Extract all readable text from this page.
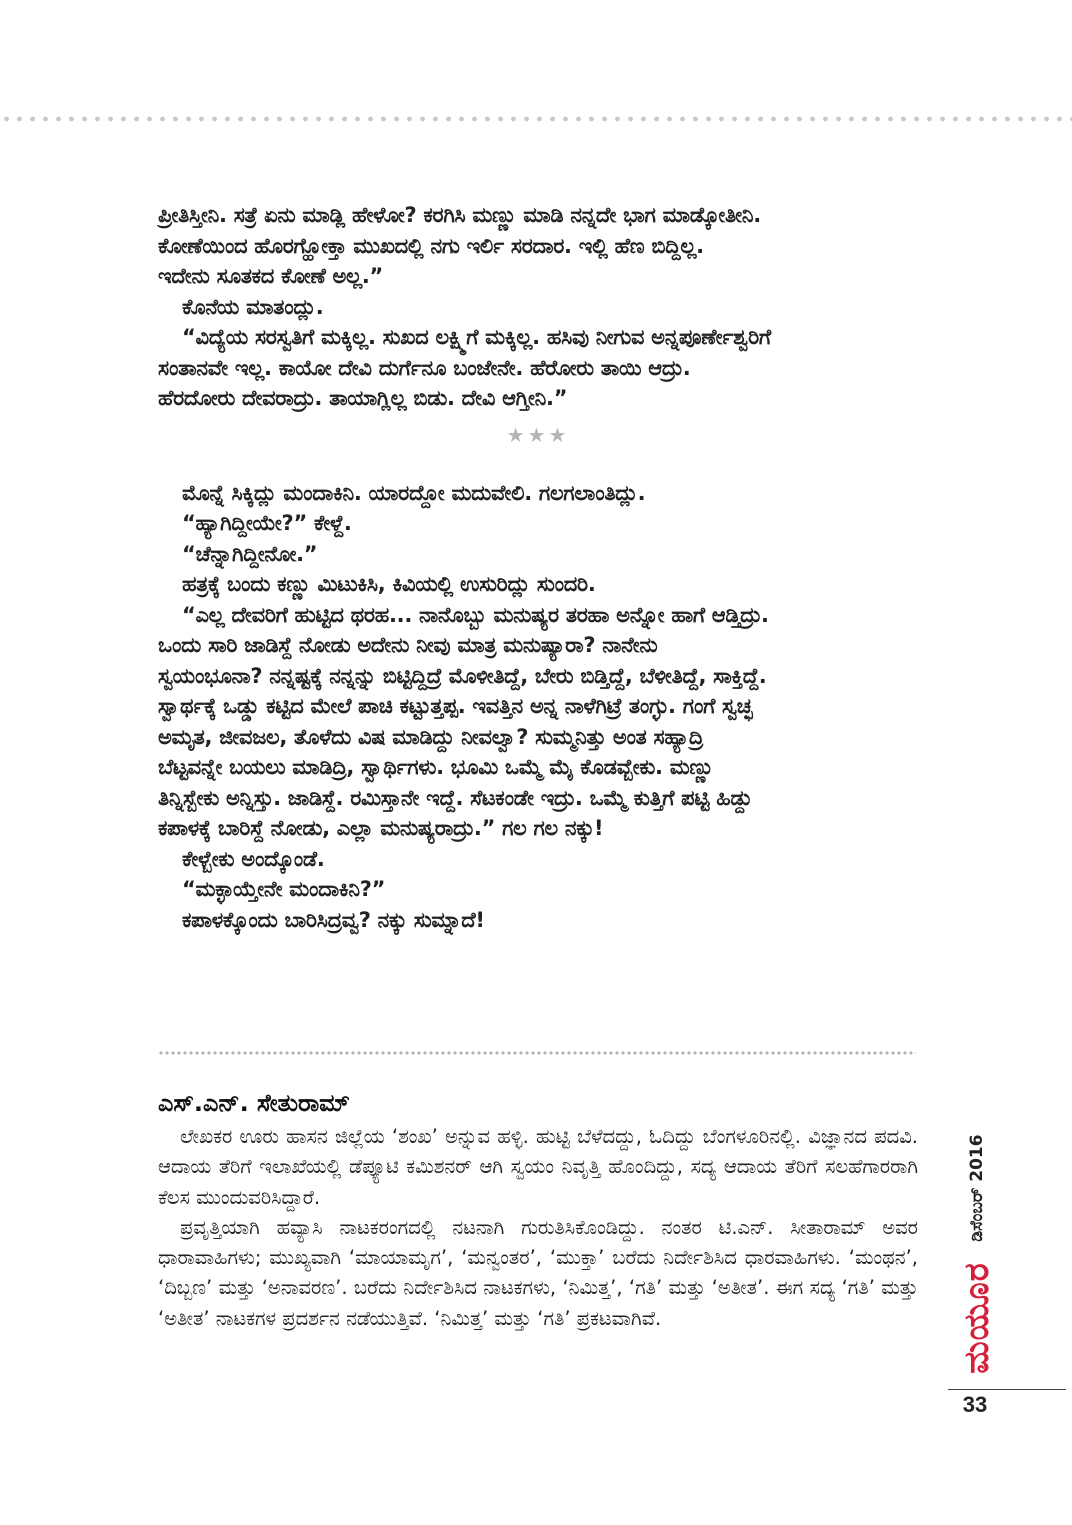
ಪ್ರೀತಿಸ್ತೀನಿ. ಸತ್ರೆ ಏನು ಮಾಡ್ಲಿ ಹೇಳೋ? ಕರಗಿಸಿ ಮಣ್ಣು ಮಾಡಿ ನನ್ನದೇ ಭಾಗ ಮಾಡ್ಕೋತೀನಿ.

ಕೋಣೆಯಿಂದ ಹೊರಗ್ಹೋಕ್ತಾ ಮುಖದಲ್ಲಿ ನಗು ಇರ್ಲಿ ಸರದಾರ. ಇಲ್ಲಿ ಹೆಣ ಬಿದ್ದಿಲ್ಲ.

ಇದೇನು ಸೂತಕದ ಕೋಣೆ ಅಲ್ಲ.”

ಕೊನೆಯ ಮಾತಂದ್ಲು.

“ವಿದ್ಯೆಯ ಸರಸ್ವತಿಗೆ ಮಕ್ಕಿಲ್ಲ. ಸುಖದ ಲಕ್ಷ್ಮಿಗೆ ಮಕ್ಕಿಲ್ಲ. ಹಸಿವು ನೀಗುವ ಅನ್ನಪೂರ್ಣೇಶ್ವರಿಗೆ

ಸಂತಾನವೇ ಇಲ್ಲ. ಕಾಯೋ ದೇವಿ ದುರ್ಗೆನೂ ಬಂಜೇನೇ. ಹೆರೋರು ತಾಯಿ ಆದ್ರು.

ಹೆರದೋರು ದೇವರಾದ್ರು. ತಾಯಾಗ್ಲಿಲ್ಲ ಬಿಡು. ದೇವಿ ಆಗ್ತೀನಿ.”

★★★

ಮೊನ್ನೆ ಸಿಕ್ಕಿದ್ಲು ಮಂದಾಕಿನಿ. ಯಾರದ್ದೋ ಮದುವೇಲಿ. ಗಲಗಲಾಂತಿದ್ಲು.

“ಹ್ಯಾಗಿದ್ದೀಯೇ?” ಕೇಳ್ದೆ.

“ಚೆನ್ನಾಗಿದ್ದೀನೋ.”

ಹತ್ರಕ್ಕೆ ಬಂದು ಕಣ್ಣು ಮಿಟುಕಿಸಿ, ಕಿವಿಯಲ್ಲಿ ಉಸುರಿದ್ಲು ಸುಂದರಿ.

“ಎಲ್ಲ ದೇವರಿಗೆ ಹುಟ್ಟಿದ ಥರಹ... ನಾನೊಬ್ಬು ಮನುಷ್ಯರ ತರಹಾ ಅನ್ನೋ ಹಾಗೆ ಆಡ್ತಿದ್ರು.

ಒಂದು ಸಾರಿ ಜಾಡಿಸ್ದೆ ನೋಡು ಅದೇನು ನೀವು ಮಾತ್ರ ಮನುಷ್ಯಾರಾ? ನಾನೇನು

ಸ್ವಯಂಭೂನಾ? ನನ್ನಷ್ಟಕ್ಕೆ ನನ್ನನ್ನು ಬಿಟ್ಟಿದ್ದಿದ್ರೆ ಮೊಳೀತಿದ್ದೆ, ಬೇರು ಬಿಡ್ತಿದ್ದೆ, ಬೆಳೀತಿದ್ದೆ, ಸಾಕ್ತಿದ್ದೆ.

ಸ್ವಾರ್ಥಕ್ಕೆ ಒಡ್ಡು ಕಟ್ಟಿದ ಮೇಲೆ ಪಾಚಿ ಕಟ್ಟುತ್ತಪ್ಪ. ಇವತ್ತಿನ ಅನ್ನ ನಾಳೆಗಿಟ್ರೆ ತಂಗ್ಳು. ಗಂಗೆ ಸ್ವಚ್ಛ

ಅಮೃತ, ಜೀವಜಲ, ತೊಳೆದು ವಿಷ ಮಾಡಿದ್ದು ನೀವಲ್ವಾ? ಸುಮ್ಮನಿತ್ತು ಅಂತ ಸಹ್ಯಾದ್ರಿ

ಬೆಟ್ಟವನ್ನೇ ಬಯಲು ಮಾಡಿದ್ರಿ, ಸ್ವಾರ್ಥಿಗಳು. ಭೂಮಿ ಒಮ್ಮೆ ಮೈ ಕೊಡವ್ಬೇಕು. ಮಣ್ಣು

ತಿನ್ನಿಸ್ಬೇಕು ಅನ್ನಿಸ್ತು. ಜಾಡಿಸ್ದೆ. ರಮಿಸ್ತಾನೇ ಇದ್ದೆ. ಸೆಟಕಂಡೇ ಇದ್ರು. ಒಮ್ಮೆ ಕುತ್ತಿಗೆ ಪಟ್ಟಿ ಹಿಡ್ದು

ಕಪಾಳಕ್ಕೆ ಬಾರಿಸ್ದೆ ನೋಡು, ಎಲ್ಲಾ ಮನುಷ್ಯರಾದ್ರು.” ಗಲ ಗಲ ನಕ್ಕು!

ಕೇಳ್ಬೇಕು ಅಂದ್ಕೊಂಡೆ.

“ಮಕ್ಳಾಯ್ತೇನೇ ಮಂದಾಕಿನಿ?”

ಕಪಾಳಕ್ಕೊಂದು ಬಾರಿಸಿದ್ರವ್ವ? ನಕ್ಕು ಸುಮ್ನಾದೆ!

ಎಸ್.ಎನ್. ಸೇತುರಾಮ್

ಲೇಖಕರ ಊರು ಹಾಸನ ಜಿಲ್ಲೆಯ ‘ಶಂಖ’ ಅನ್ನುವ ಹಳ್ಳಿ. ಹುಟ್ಟಿ ಬೆಳೆದದ್ದು, ಓದಿದ್ದು ಬೆಂಗಳೂರಿನಲ್ಲಿ. ವಿಜ್ಞಾನದ ಪದವಿ. ಆದಾಯ ತೆರಿಗೆ ಇಲಾಖೆಯಲ್ಲಿ ಡೆಪ್ಯೂಟಿ ಕಮಿಶನರ್ ಆಗಿ ಸ್ವಯಂ ನಿವೃತ್ತಿ ಹೊಂದಿದ್ದು, ಸದ್ಯ ಆದಾಯ ತೆರಿಗೆ ಸಲಹೆಗಾರರಾಗಿ ಕೆಲಸ ಮುಂದುವರಿಸಿದ್ದಾರೆ.

ಪ್ರವೃತ್ತಿಯಾಗಿ ಹವ್ಯಾಸಿ ನಾಟಕರಂಗದಲ್ಲಿ ನಟನಾಗಿ ಗುರುತಿಸಿಕೊಂಡಿದ್ದು. ನಂತರ ಟಿ.ಎನ್. ಸೀತಾರಾಮ್ ಅವರ ಧಾರಾವಾಹಿಗಳು; ಮುಖ್ಯವಾಗಿ ‘ಮಾಯಾಮೃಗ’, ‘ಮನ್ವಂತರ’, ‘ಮುಕ್ತಾ’ ಬರೆದು ನಿರ್ದೇಶಿಸಿದ ಧಾರವಾಹಿಗಳು. ‘ಮಂಥನ’, ‘ದಿಬ್ಬಣ’ ಮತ್ತು ‘ಅನಾವರಣ’. ಬರೆದು ನಿರ್ದೇಶಿಸಿದ ನಾಟಕಗಳು, ‘ನಿಮಿತ್ತ’, ‘ಗತಿ’ ಮತ್ತು ‘ಅತೀತ’. ಈಗ ಸದ್ಯ ‘ಗತಿ’ ಮತ್ತು ‘ಅತೀತ’ ನಾಟಕಗಳ ಪ್ರದರ್ಶನ ನಡೆಯುತ್ತಿವೆ. ‘ನಿಮಿತ್ತ’ ಮತ್ತು ‘ಗತಿ’ ಪ್ರಕಟವಾಗಿವೆ.

ಡಿಸೆಂಬರ್ 2016
ಮಯೂರ
33
